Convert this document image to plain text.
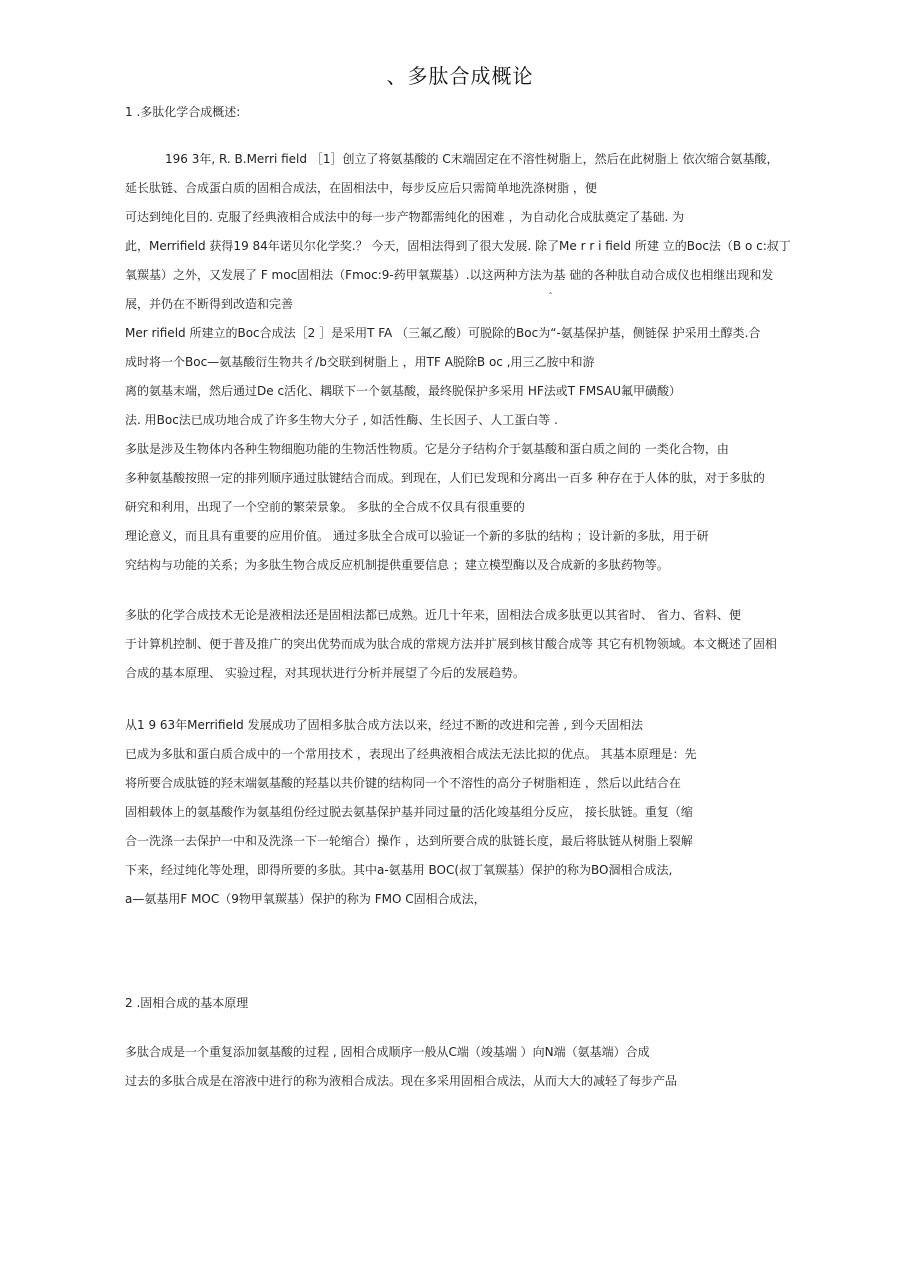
、多肽合成概论
1 .多肽化学合成概述:
196 3年, R. B.Merri field ［1］创立了将氨基酸的 C末端固定在不溶性树脂上，然后在此树脂上 依次缩合氨基酸，
延长肽链、合成蛋白质的固相合成法，在固相法中，每步反应后只需简单地洗涤树脂 ，便
可达到纯化目的. 克服了经典液相合成法中的每一步产物都需纯化的困难 ，为自动化合成肽奠定了基础. 为
此，Merrifield 获得19 84年诺贝尔化学奖.？ 今天，固相法得到了很大发展. 除了Me r r i field 所建 立的Boc法（B o c:叔丁
氧羰基）之外，又发展了 F moc固相法（Fmoc:9-药甲氧羰基）.以这两种方法为基 础的各种肽自动合成仪也相继出现和发
展，并仍在不断得到改造和完善	ˆ
Mer rifield 所建立的Boc合成法［2 ］是采用T FA （三氟乙酸）可脱除的Boc为“-氨基保护基，侧链保 护采用土醇类.合
成时将一个Boc—氨基酸衍生物共彳/b交联到树脂上 ，用TF A脱除B oc ,用三乙胺中和游
离的氨基末端，然后通过De c活化、耦联下一个氨基酸，最终脱保护多采用 HF法或T FMSAU氟甲磺酸）
法. 用Boc法已成功地合成了许多生物大分子 , 如活性酶、生长因子、人工蛋白等 .
多肽是涉及生物体内各种生物细胞功能的生物活性物质。它是分子结构介于氨基酸和蛋白质之间的 一类化合物，由
多种氨基酸按照一定的排列顺序通过肽键结合而成。到现在，人们已发现和分离出一百多 种存在于人体的肽，对于多肽的
研究和利用，出现了一个空前的繁荣景象。 多肽的全合成不仅具有很重要的
理论意义，而且具有重要的应用价值。 通过多肽全合成可以验证一个新的多肽的结构 ；设计新的多肽，用于研
究结构与功能的关系；为多肽生物合成反应机制提供重要信息 ；建立模型酶以及合成新的多肽药物等。
多肽的化学合成技术无论是液相法还是固相法都已成熟。近几十年来，固相法合成多肽更以其省时、 省力、省料、便
于计算机控制、便于普及推广的突出优势而成为肽合成的常规方法并扩展到核甘酸合成等 其它有机物领域。本文概述了固相
合成的基本原理、 实验过程，对其现状进行分析并展望了今后的发展趋势。
从1 9 63年Merrifield 发展成功了固相多肽合成方法以来，经过不断的改进和完善 , 到今天固相法
已成为多肽和蛋白质合成中的一个常用技术 ，表现出了经典液相合成法无法比拟的优点。 其基本原理是：先
将所要合成肽链的羟末端氨基酸的羟基以共价键的结构同一个不溶性的高分子树脂相连 ，然后以此结合在
固相载体上的氨基酸作为氨基组份经过脱去氨基保护基并同过量的活化竣基组分反应， 接长肽链。重复（缩
合一洗涤一去保护一中和及洗涤一下一轮缩合）操作 ，达到所要合成的肽链长度，最后将肽链从树脂上裂解
下来，经过纯化等处理，即得所要的多肽。其中a-氨基用 BOC(叔丁氧羰基）保护的称为BO涸相合成法,
a—氨基用F MOC（9物甲氧羰基）保护的称为 FMO C固相合成法，
2 .固相合成的基本原理
多肽合成是一个重复添加氨基酸的过程 , 固相合成顺序一般从C端（竣基端 ）向N端（氨基端）合成
过去的多肽合成是在溶液中进行的称为液相合成法。现在多采用固相合成法，从而大大的减轻了每步产品
